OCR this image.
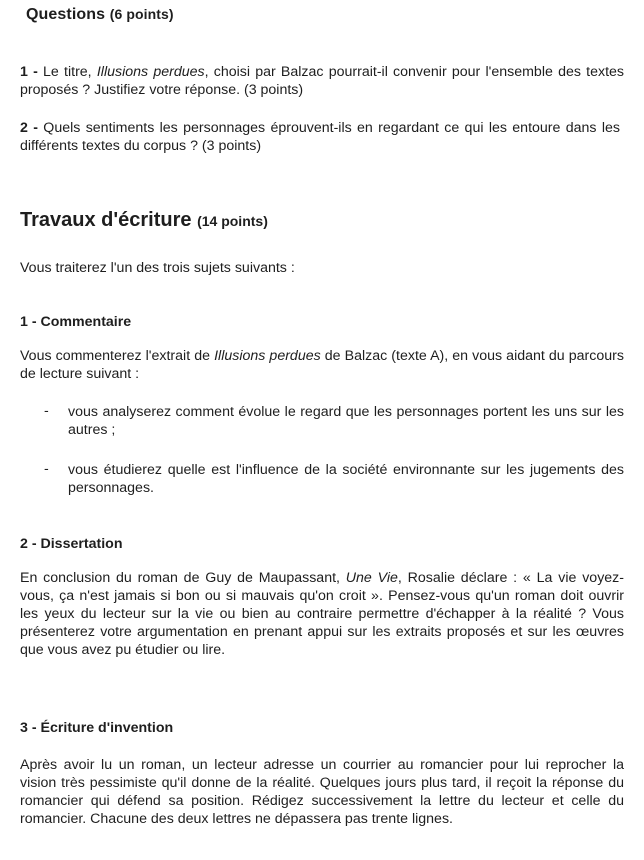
Questions (6 points)

1 - Le titre, Illusions perdues, choisi par Balzac pourrait-il convenir pour l'ensemble des textes proposés ? Justifiez votre réponse. (3 points)

2 - Quels sentiments les personnages éprouvent-ils en regardant ce qui les entoure dans les différents textes du corpus ? (3 points)

Travaux d'écriture (14 points)
Vous traiterez l'un des trois sujets suivants :
1 - Commentaire

Vous commenterez l'extrait de Illusions perdues de Balzac (texte A), en vous aidant du parcours de lecture suivant :

- vous analyserez comment évolue le regard que les personnages portent les uns sur les autres ;

- vous étudierez quelle est l'influence de la société environnante sur les jugements des personnages.

2 - Dissertation

En conclusion du roman de Guy de Maupassant, Une Vie, Rosalie déclare : « La vie voyez-vous, ça n'est jamais si bon ou si mauvais qu'on croit ». Pensez-vous qu'un roman doit ouvrir les yeux du lecteur sur la vie ou bien au contraire permettre d'échapper à la réalité ? Vous présenterez votre argumentation en prenant appui sur les extraits proposés et sur les œuvres que vous avez pu étudier ou lire.

3 - Écriture d'invention

Après avoir lu un roman, un lecteur adresse un courrier au romancier pour lui reprocher la vision très pessimiste qu'il donne de la réalité. Quelques jours plus tard, il reçoit la réponse du romancier qui défend sa position. Rédigez successivement la lettre du lecteur et celle du romancier. Chacune des deux lettres ne dépassera pas trente lignes.
